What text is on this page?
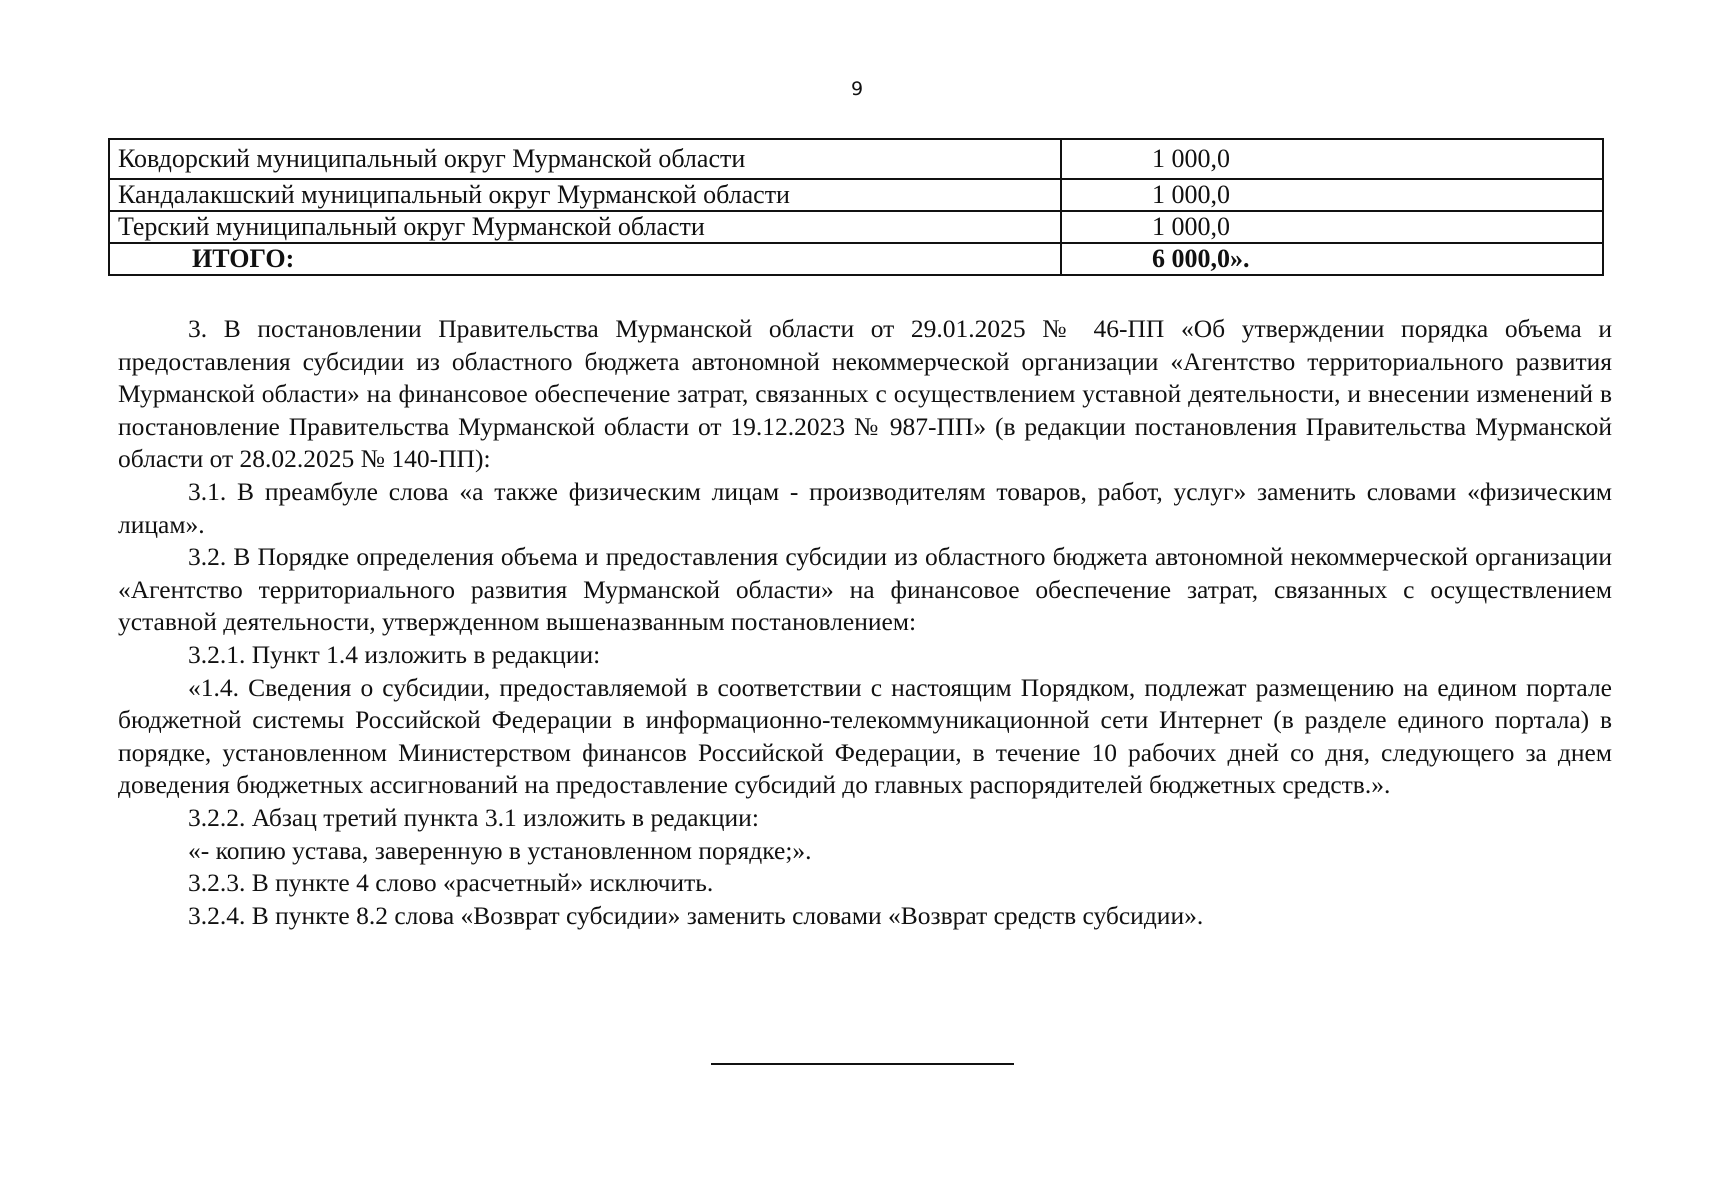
9
Ковдорский муниципальный округ Мурманской области	1 000,0
Кандалакшский муниципальный округ Мурманской области	1 000,0
Терский муниципальный округ Мурманской области	1 000,0
ИТОГО:	6 000,0».

3. В постановлении Правительства Мурманской области от 29.01.2025 № 46-ПП «Об утверждении порядка объема и предоставления субсидии из областного бюджета автономной некоммерческой организации «Агентство территориального развития Мурманской области» на финансовое обеспечение затрат, связанных с осуществлением уставной деятельности, и внесении изменений в постановление Правительства Мурманской области от 19.12.2023 № 987-ПП» (в редакции постановления Правительства Мурманской области от 28.02.2025 № 140-ПП):

3.1. В преамбуле слова «а также физическим лицам - производителям товаров, работ, услуг» заменить словами «физическим лицам».

3.2. В Порядке определения объема и предоставления субсидии из областного бюджета автономной некоммерческой организации «Агентство территориального развития Мурманской области» на финансовое обеспечение затрат, связанных с осуществлением уставной деятельности, утвержденном вышеназванным постановлением:

3.2.1. Пункт 1.4 изложить в редакции:

«1.4. Сведения о субсидии, предоставляемой в соответствии с настоящим Порядком, подлежат размещению на едином портале бюджетной системы Российской Федерации в информационно-телекоммуникационной сети Интернет (в разделе единого портала) в порядке, установленном Министерством финансов Российской Федерации, в течение 10 рабочих дней со дня, следующего за днем доведения бюджетных ассигнований на предоставление субсидий до главных распорядителей бюджетных средств.».

3.2.2. Абзац третий пункта 3.1 изложить в редакции:

«- копию устава, заверенную в установленном порядке;».

3.2.3. В пункте 4 слово «расчетный» исключить.

3.2.4. В пункте 8.2 слова «Возврат субсидии» заменить словами «Возврат средств субсидии».
